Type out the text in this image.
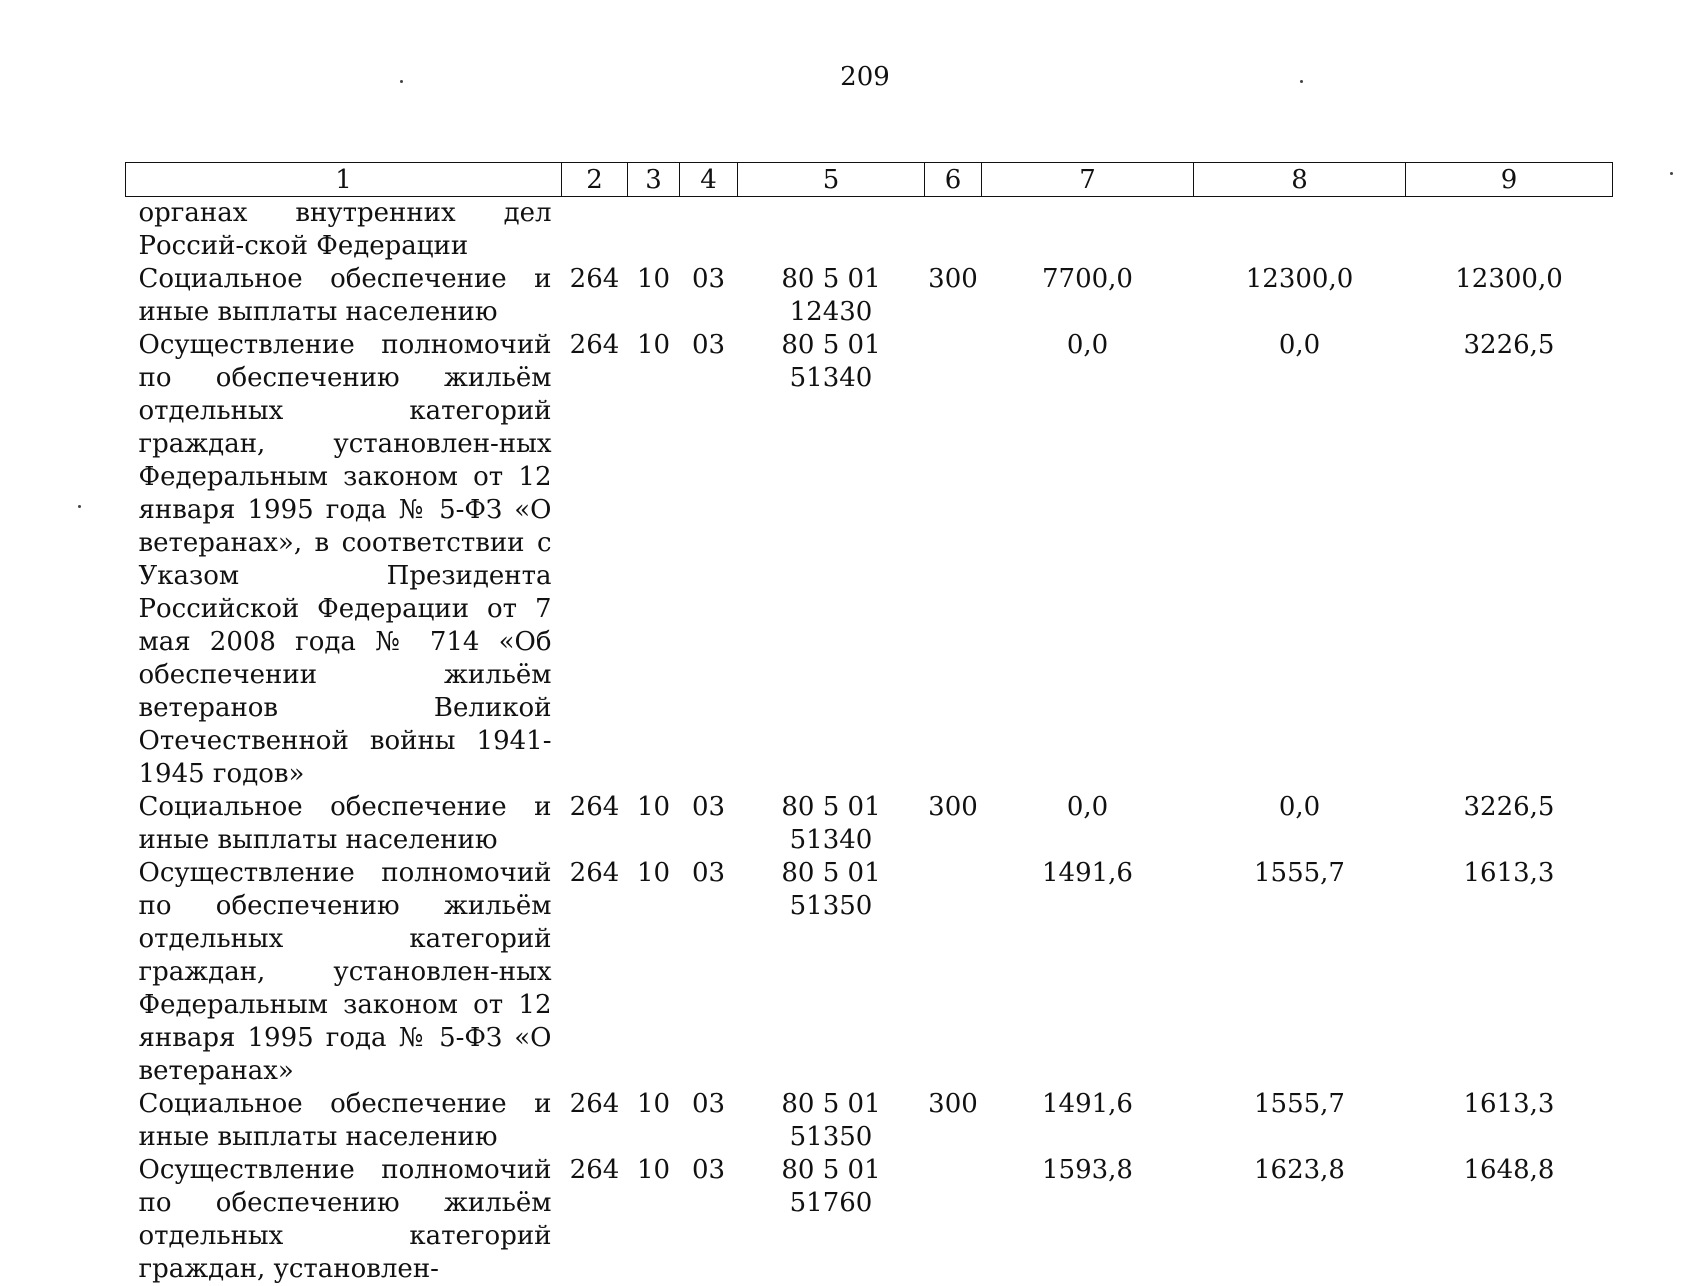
209
1	2	3	4	5	6	7	8	9
органах внутренних дел Россий-ской Федерации								
Социальное обеспечение и иные выплаты населению	264	10	03	80 5 01 12430	300	7700,0	12300,0	12300,0
Осуществление полномочий по обеспечению жильём отдельных категорий граждан, установлен-ных Федеральным законом от 12 января 1995 года № 5-ФЗ «О ветеранах», в соответствии с Указом Президента Российской Федерации от 7 мая 2008 года № 714 «Об обеспечении жильём ветеранов Великой Отечественной войны 1941-1945 годов»	264	10	03	80 5 01 51340		0,0	0,0	3226,5
Социальное обеспечение и иные выплаты населению	264	10	03	80 5 01 51340	300	0,0	0,0	3226,5
Осуществление полномочий по обеспечению жильём отдельных категорий граждан, установлен-ных Федеральным законом от 12 января 1995 года № 5-ФЗ «О ветеранах»	264	10	03	80 5 01 51350		1491,6	1555,7	1613,3
Социальное обеспечение и иные выплаты населению	264	10	03	80 5 01 51350	300	1491,6	1555,7	1613,3
Осуществление полномочий по обеспечению жильём отдельных категорий граждан, установлен-	264	10	03	80 5 01 51760		1593,8	1623,8	1648,8
